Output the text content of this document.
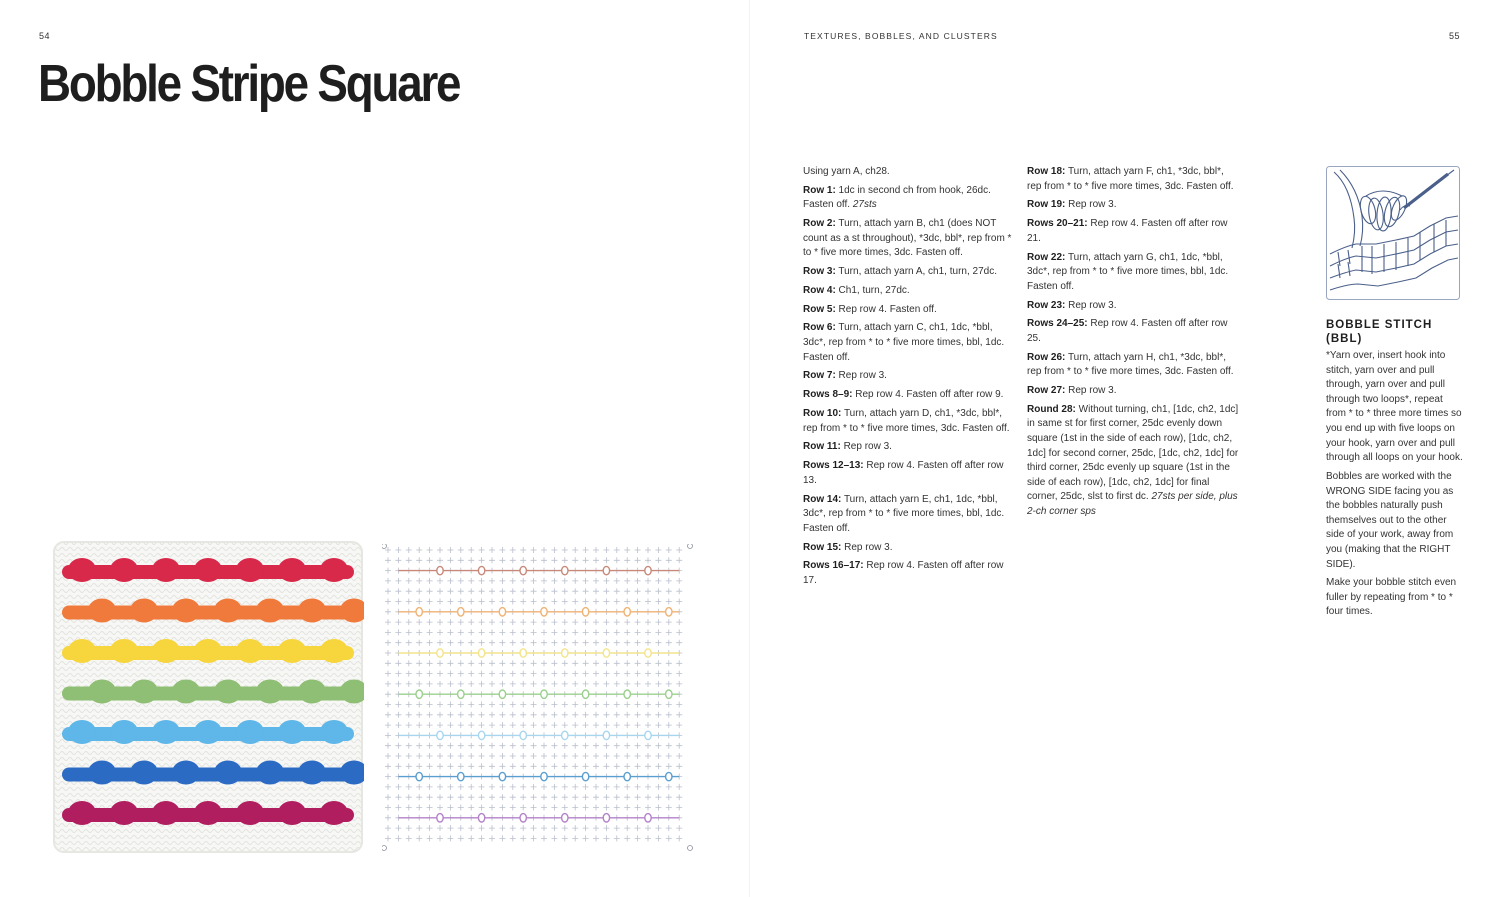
54
Bobble Stripe Square
TEXTURES, BOBBLES, AND CLUSTERS	55

Using yarn A, ch28.

Row 1: 1dc in second ch from hook, 26dc. Fasten off. 27sts

Row 2: Turn, attach yarn B, ch1 (does NOT count as a st throughout), *3dc, bbl*, rep from * to * five more times, 3dc. Fasten off.

Row 3: Turn, attach yarn A, ch1, turn, 27dc.

Row 4: Ch1, turn, 27dc.

Row 5: Rep row 4. Fasten off.

Row 6: Turn, attach yarn C, ch1, 1dc, *bbl, 3dc*, rep from * to * five more times, bbl, 1dc. Fasten off.

Row 7: Rep row 3.

Rows 8–9: Rep row 4. Fasten off after row 9.

Row 10: Turn, attach yarn D, ch1, *3dc, bbl*, rep from * to * five more times, 3dc. Fasten off.

Row 11: Rep row 3.

Rows 12–13: Rep row 4. Fasten off after row 13.

Row 14: Turn, attach yarn E, ch1, 1dc, *bbl, 3dc*, rep from * to * five more times, bbl, 1dc. Fasten off.

Row 15: Rep row 3.

Rows 16–17: Rep row 4. Fasten off after row 17.

Row 18: Turn, attach yarn F, ch1, *3dc, bbl*, rep from * to * five more times, 3dc. Fasten off.

Row 19: Rep row 3.

Rows 20–21: Rep row 4. Fasten off after row 21.

Row 22: Turn, attach yarn G, ch1, 1dc, *bbl, 3dc*, rep from * to * five more times, bbl, 1dc. Fasten off.

Row 23: Rep row 3.

Rows 24–25: Rep row 4. Fasten off after row 25.

Row 26: Turn, attach yarn H, ch1, *3dc, bbl*, rep from * to * five more times, 3dc. Fasten off.

Row 27: Rep row 3.

Round 28: Without turning, ch1, [1dc, ch2, 1dc] in same st for first corner, 25dc evenly down square (1st in the side of each row), [1dc, ch2, 1dc] for second corner, 25dc, [1dc, ch2, 1dc] for third corner, 25dc evenly up square (1st in the side of each row), [1dc, ch2, 1dc] for final corner, 25dc, slst to first dc. 27sts per side, plus 2-ch corner sps

BOBBLE STITCH (BBL)

*Yarn over, insert hook into stitch, yarn over and pull through, yarn over and pull through two loops*, repeat from * to * three more times so you end up with five loops on your hook, yarn over and pull through all loops on your hook.

Bobbles are worked with the WRONG SIDE facing you as the bobbles naturally push themselves out to the other side of your work, away from you (making that the RIGHT SIDE).

Make your bobble stitch even fuller by repeating from * to * four times.
